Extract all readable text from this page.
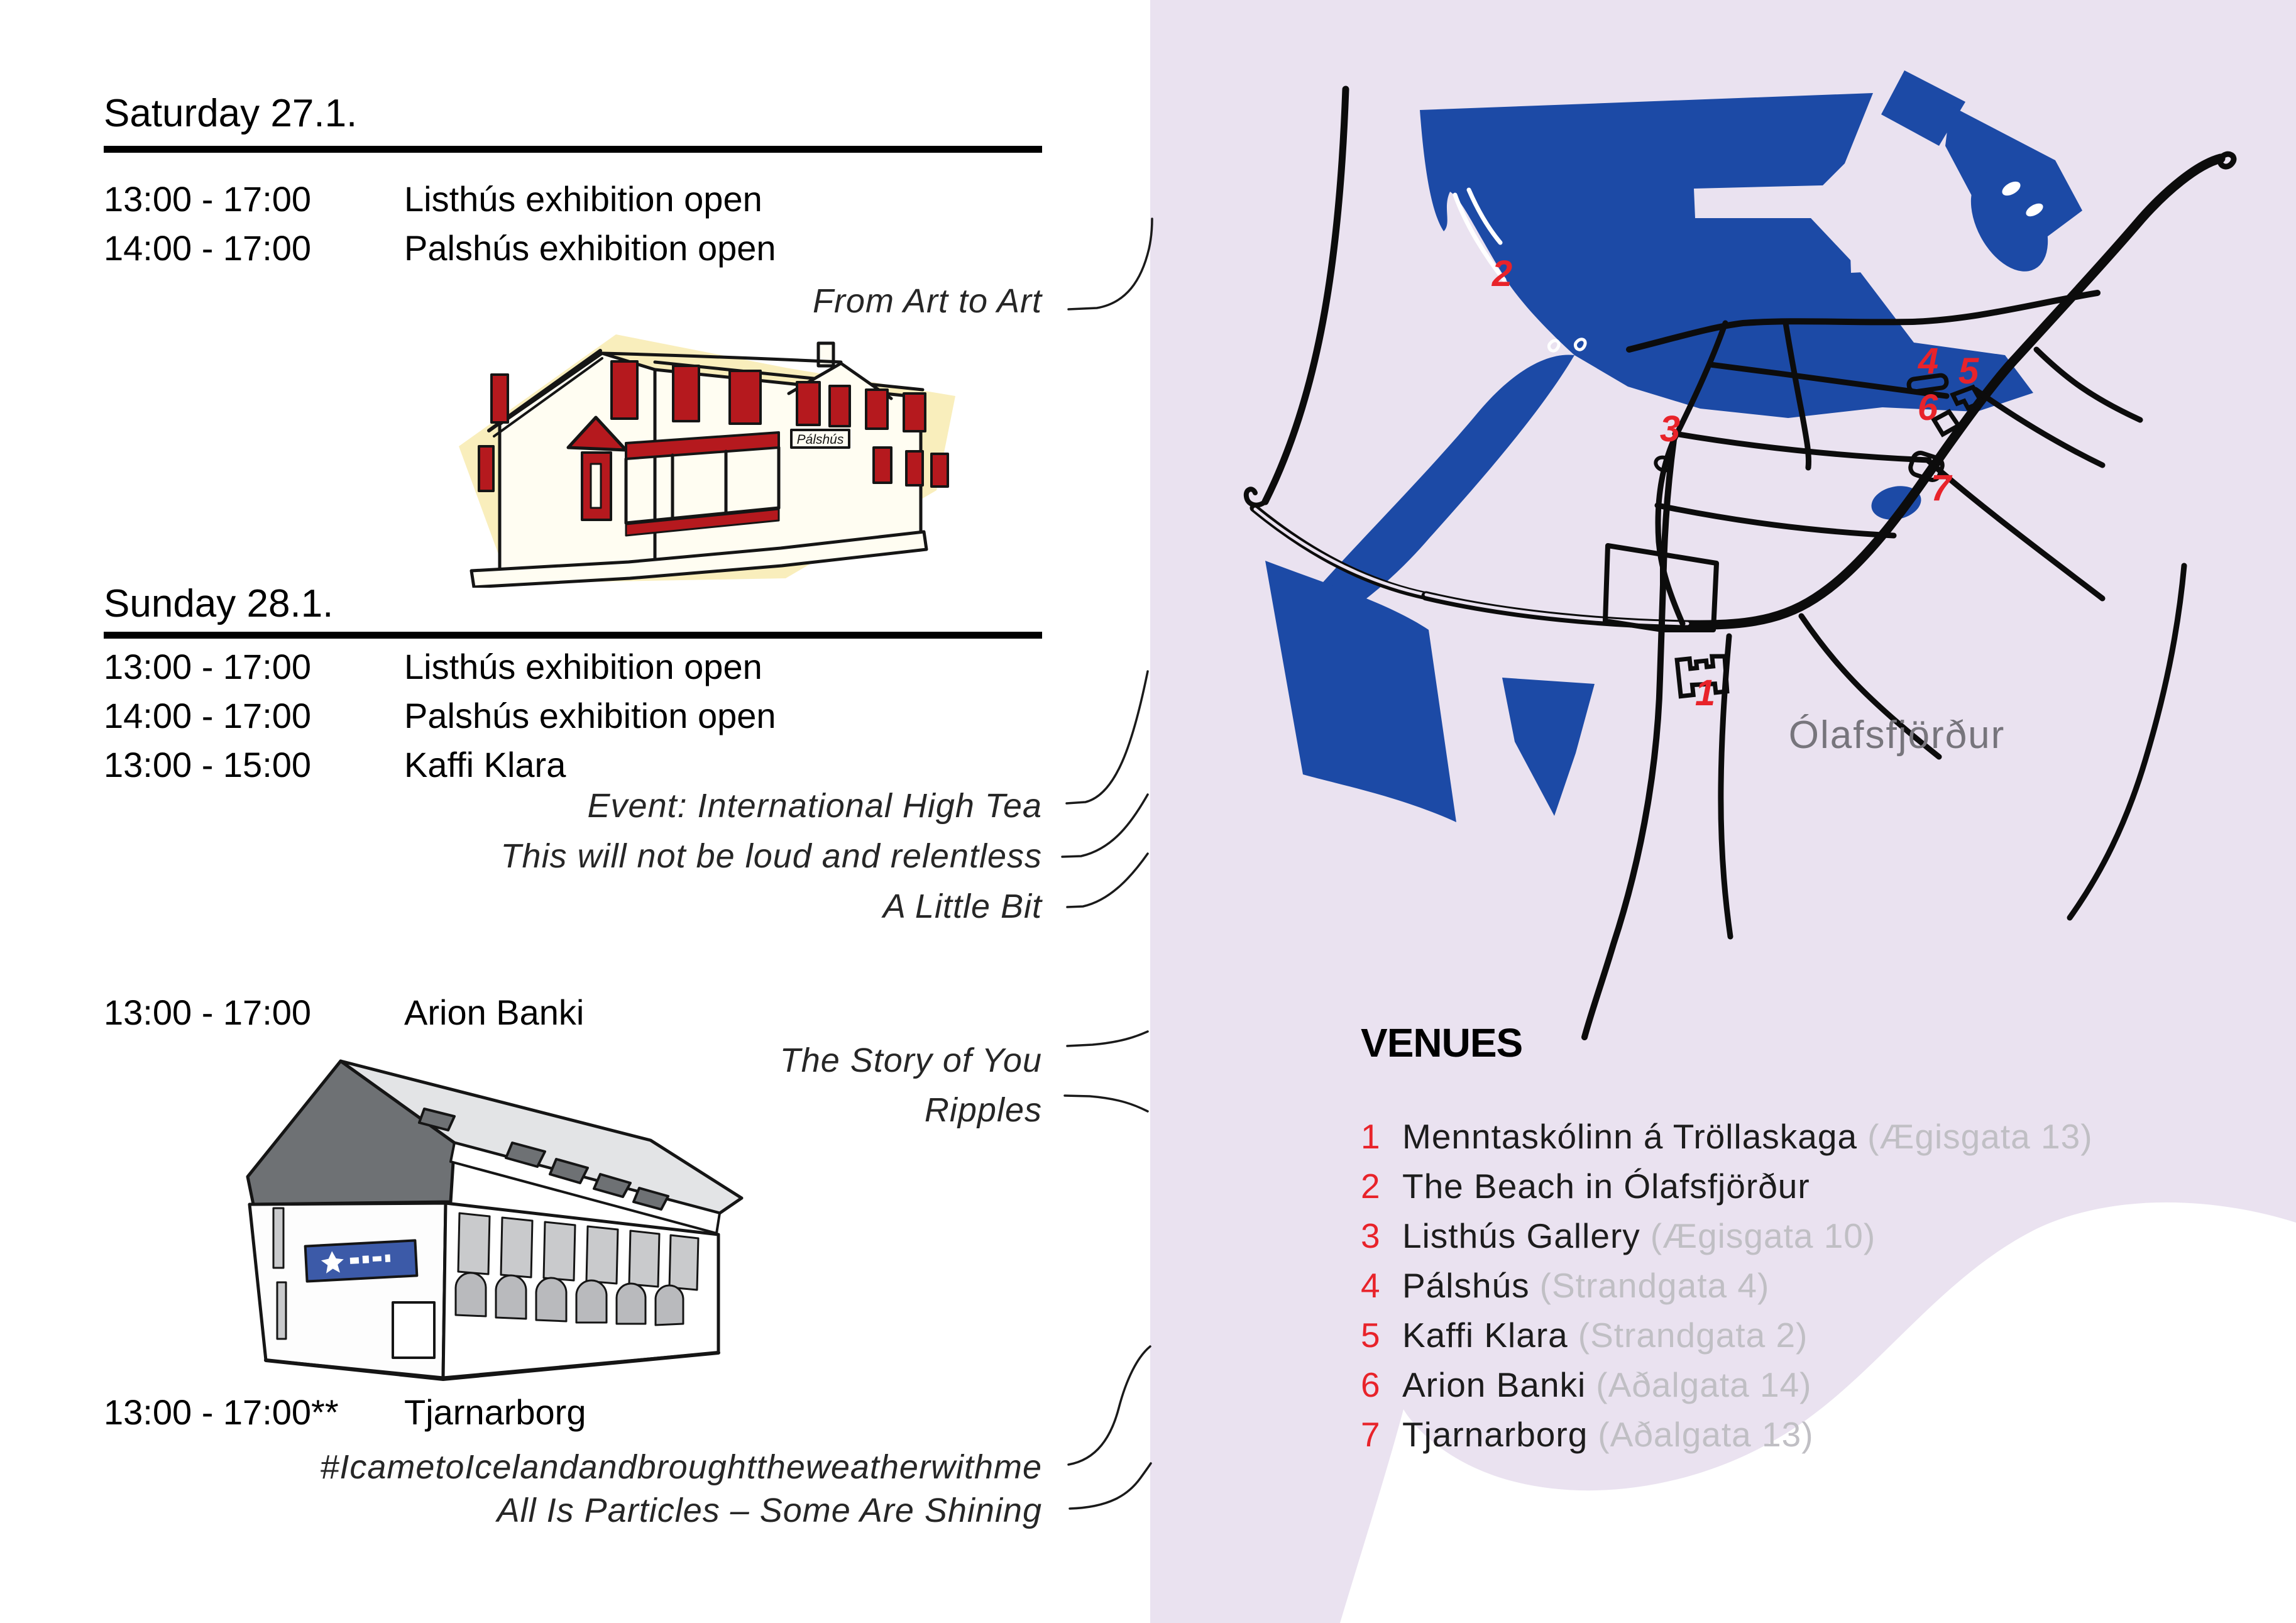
1
2
3
4 5
6
7
Ólafsfjörður
Saturday 27.1.
13:00 - 17:00	Listhús exhibition open
14:00 - 17:00	Palshús exhibition open
From Art to Art
Pálshús
Sunday 28.1.
13:00 - 17:00	Listhús exhibition open
14:00 - 17:00	Palshús exhibition open
13:00 - 15:00	Kaffi Klara
Event: International High Tea
This will not be loud and relentless
A Little Bit
13:00 - 17:00	Arion Banki
The Story of You
Ripples
13:00 - 17:00**	Tjarnarborg
#IcametoIcelandandbroughttheweatherwithme
All Is Particles – Some Are Shining
VENUES
1 Menntaskólinn á Tröllaskaga (Ægisgata 13)
2 The Beach in Ólafsfjörður
3 Listhús Gallery (Ægisgata 10)
4 Pálshús (Strandgata 4)
5 Kaffi Klara (Strandgata 2)
6 Arion Banki (Aðalgata 14)
7 Tjarnarborg (Aðalgata 13)
